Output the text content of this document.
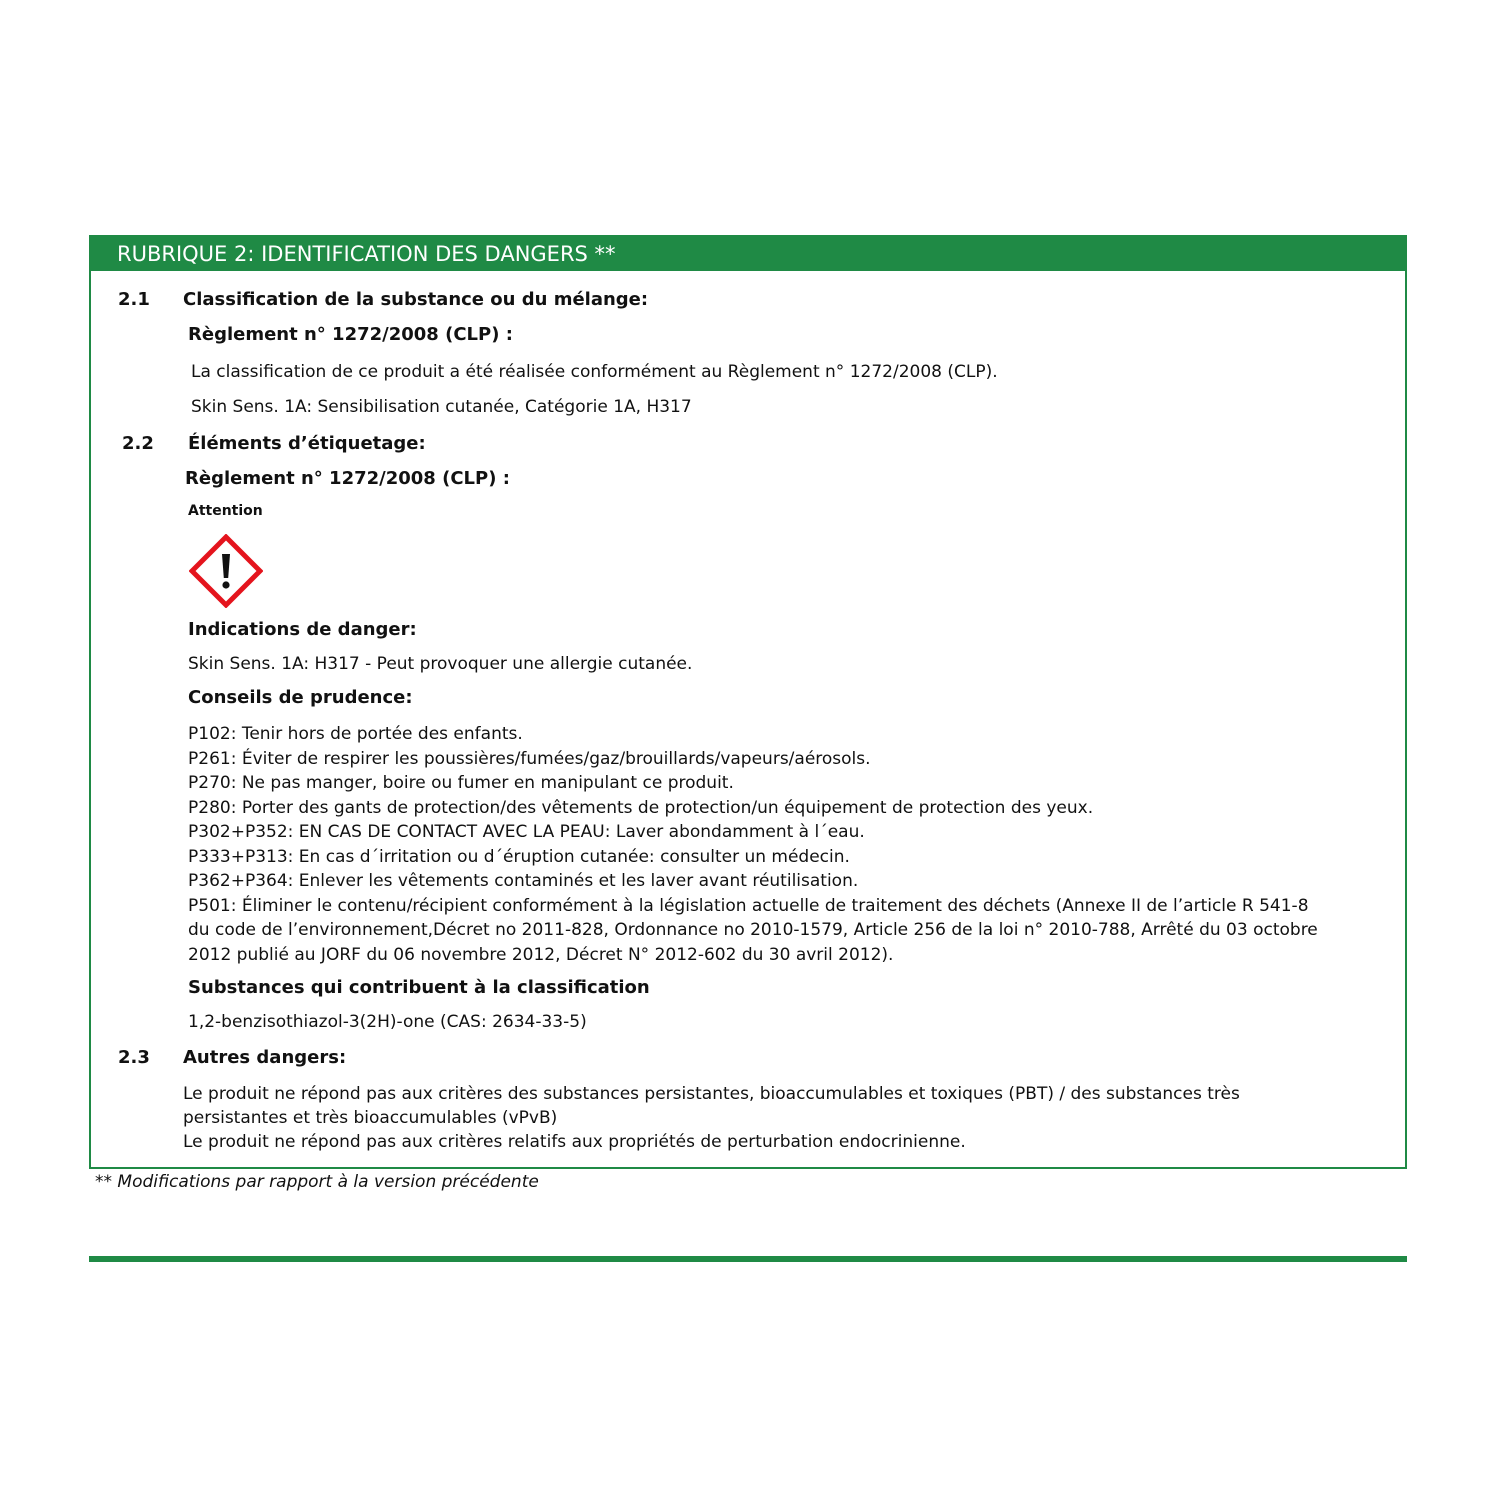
RUBRIQUE 2: IDENTIFICATION DES DANGERS **
2.1 Classification de la substance ou du mélange:
Règlement n° 1272/2008 (CLP) :
La classification de ce produit a été réalisée conformément au Règlement n° 1272/2008 (CLP).
Skin Sens. 1A: Sensibilisation cutanée, Catégorie 1A, H317
2.2 Éléments d’étiquetage:
Règlement n° 1272/2008 (CLP) :
Attention
Indications de danger:
Skin Sens. 1A: H317 - Peut provoquer une allergie cutanée.
Conseils de prudence:
P102: Tenir hors de portée des enfants.
P261: Éviter de respirer les poussières/fumées/gaz/brouillards/vapeurs/aérosols.
P270: Ne pas manger, boire ou fumer en manipulant ce produit.
P280: Porter des gants de protection/des vêtements de protection/un équipement de protection des yeux.
P302+P352: EN CAS DE CONTACT AVEC LA PEAU: Laver abondamment à l´eau.
P333+P313: En cas d´irritation ou d´éruption cutanée: consulter un médecin.
P362+P364: Enlever les vêtements contaminés et les laver avant réutilisation.
P501: Éliminer le contenu/récipient conformément à la législation actuelle de traitement des déchets (Annexe II de l’article R 541-8
du code de l’environnement,Décret no 2011-828, Ordonnance no 2010-1579, Article 256 de la loi n° 2010-788, Arrêté du 03 octobre
2012 publié au JORF du 06 novembre 2012, Décret N° 2012-602 du 30 avril 2012).
Substances qui contribuent à la classification
1,2-benzisothiazol-3(2H)-one (CAS: 2634-33-5)
2.3 Autres dangers:
Le produit ne répond pas aux critères des substances persistantes, bioaccumulables et toxiques (PBT) / des substances très
persistantes et très bioaccumulables (vPvB)
Le produit ne répond pas aux critères relatifs aux propriétés de perturbation endocrinienne.
** Modifications par rapport à la version précédente
